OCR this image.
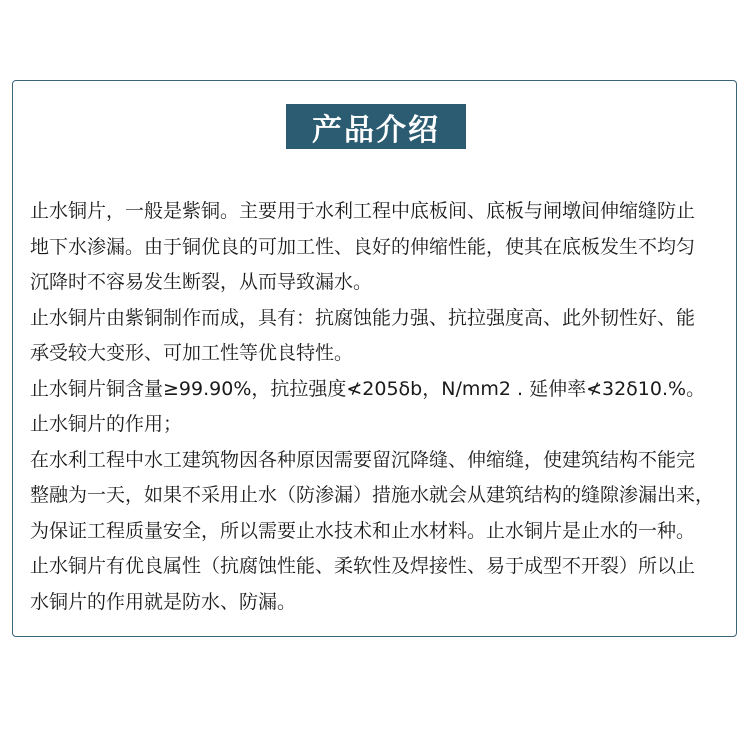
产品介绍

止水铜片，一般是紫铜。主要用于水利工程中底板间、底板与闸墩间伸缩缝防止

地下水渗漏。由于铜优良的可加工性、良好的伸缩性能，使其在底板发生不均匀

沉降时不容易发生断裂，从而导致漏水。

止水铜片由紫铜制作而成，具有：抗腐蚀能力强、抗拉强度高、此外韧性好、能

承受较大变形、可加工性等优良特性。

止水铜片铜含量≥99.90%，抗拉强度≮205δb，N/mm2 . 延伸率≮32δ10.%。

止水铜片的作用；

在水利工程中水工建筑物因各种原因需要留沉降缝、伸缩缝，使建筑结构不能完

整融为一天，如果不采用止水（防渗漏）措施水就会从建筑结构的缝隙渗漏出来，

为保证工程质量安全，所以需要止水技术和止水材料。止水铜片是止水的一种。

止水铜片有优良属性（抗腐蚀性能、柔软性及焊接性、易于成型不开裂）所以止

水铜片的作用就是防水、防漏。
